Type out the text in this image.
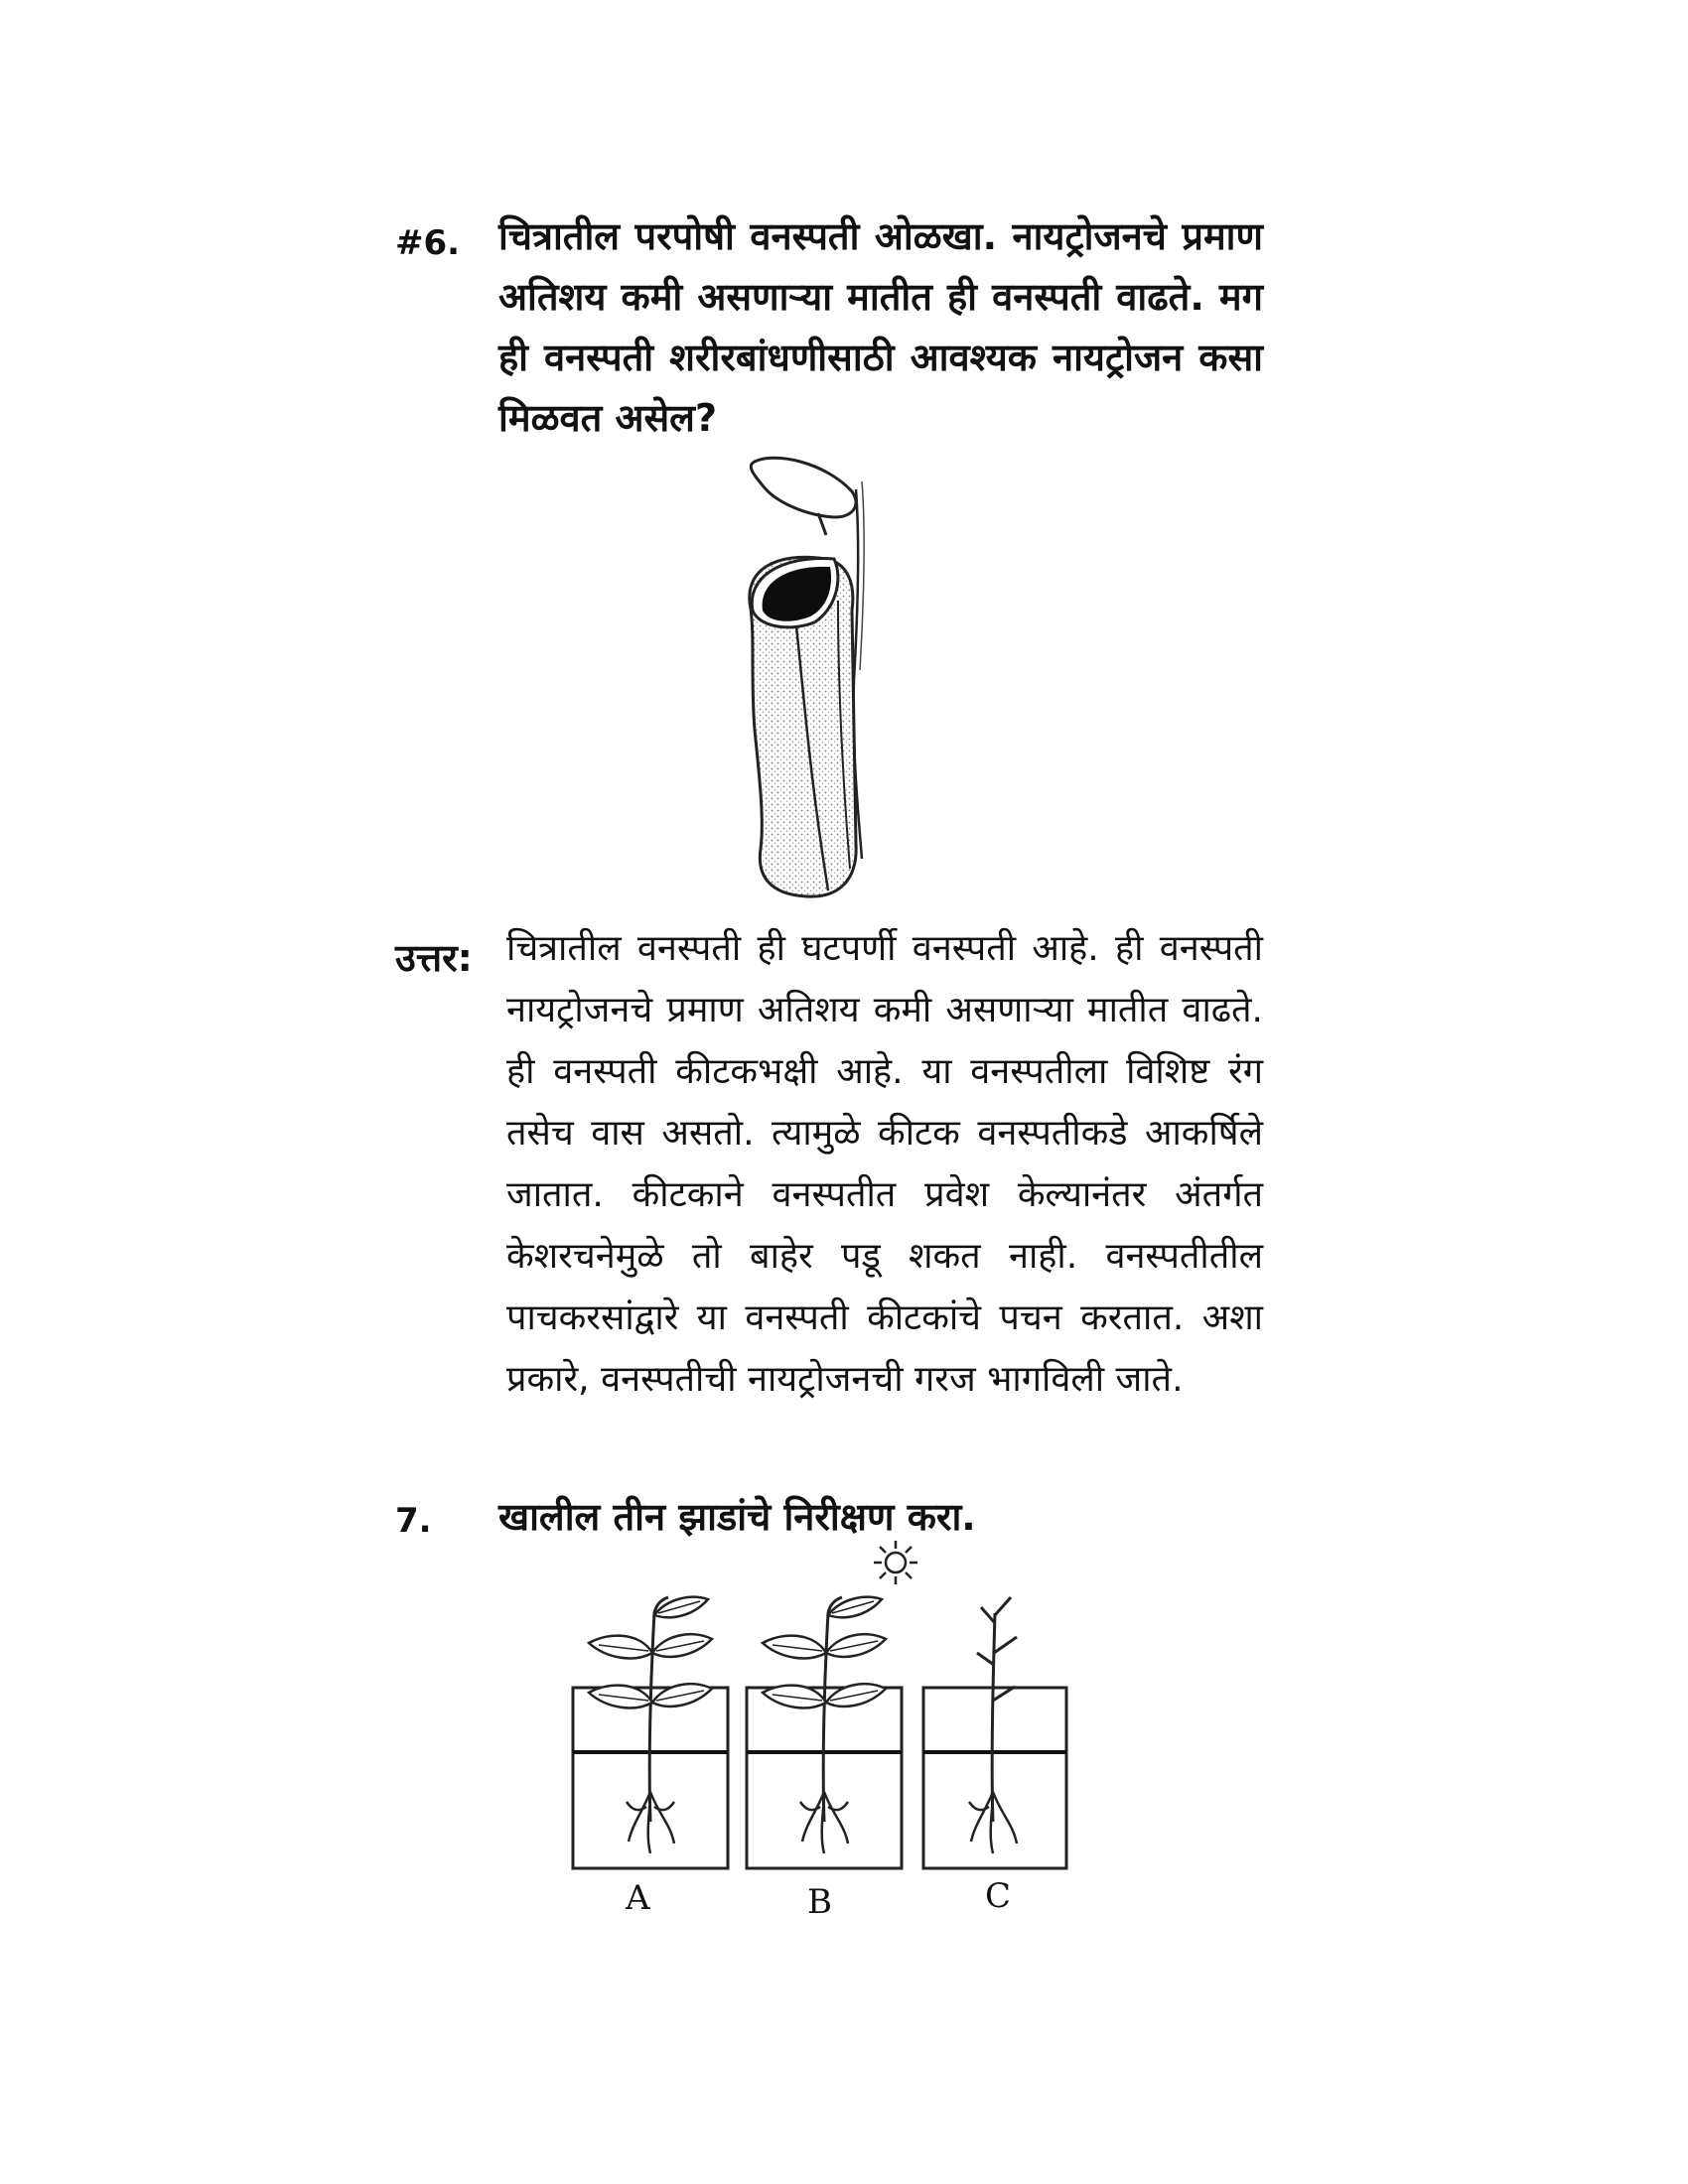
#6. चित्रातील परपोषी वनस्पती ओळखा. नायट्रोजनचे प्रमाण अतिशय कमी असणाऱ्या मातीत ही वनस्पती वाढते. मग ही वनस्पती शरीरबांधणीसाठी आवश्यक नायट्रोजन कसा मिळवत असेल?
उत्तर: चित्रातील वनस्पती ही घटपर्णी वनस्पती आहे. ही वनस्पती नायट्रोजनचे प्रमाण अतिशय कमी असणाऱ्या मातीत वाढते. ही वनस्पती कीटकभक्षी आहे. या वनस्पतीला विशिष्ट रंग तसेच वास असतो. त्यामुळे कीटक वनस्पतीकडे आकर्षिले जातात. कीटकाने वनस्पतीत प्रवेश केल्यानंतर अंतर्गत केशरचनेमुळे तो बाहेर पडू शकत नाही. वनस्पतीतील पाचकरसांद्वारे या वनस्पती कीटकांचे पचन करतात. अशा प्रकारे, वनस्पतीची नायट्रोजनची गरज भागविली जाते.
7. खालील तीन झाडांचे निरीक्षण करा.
A	B	C
